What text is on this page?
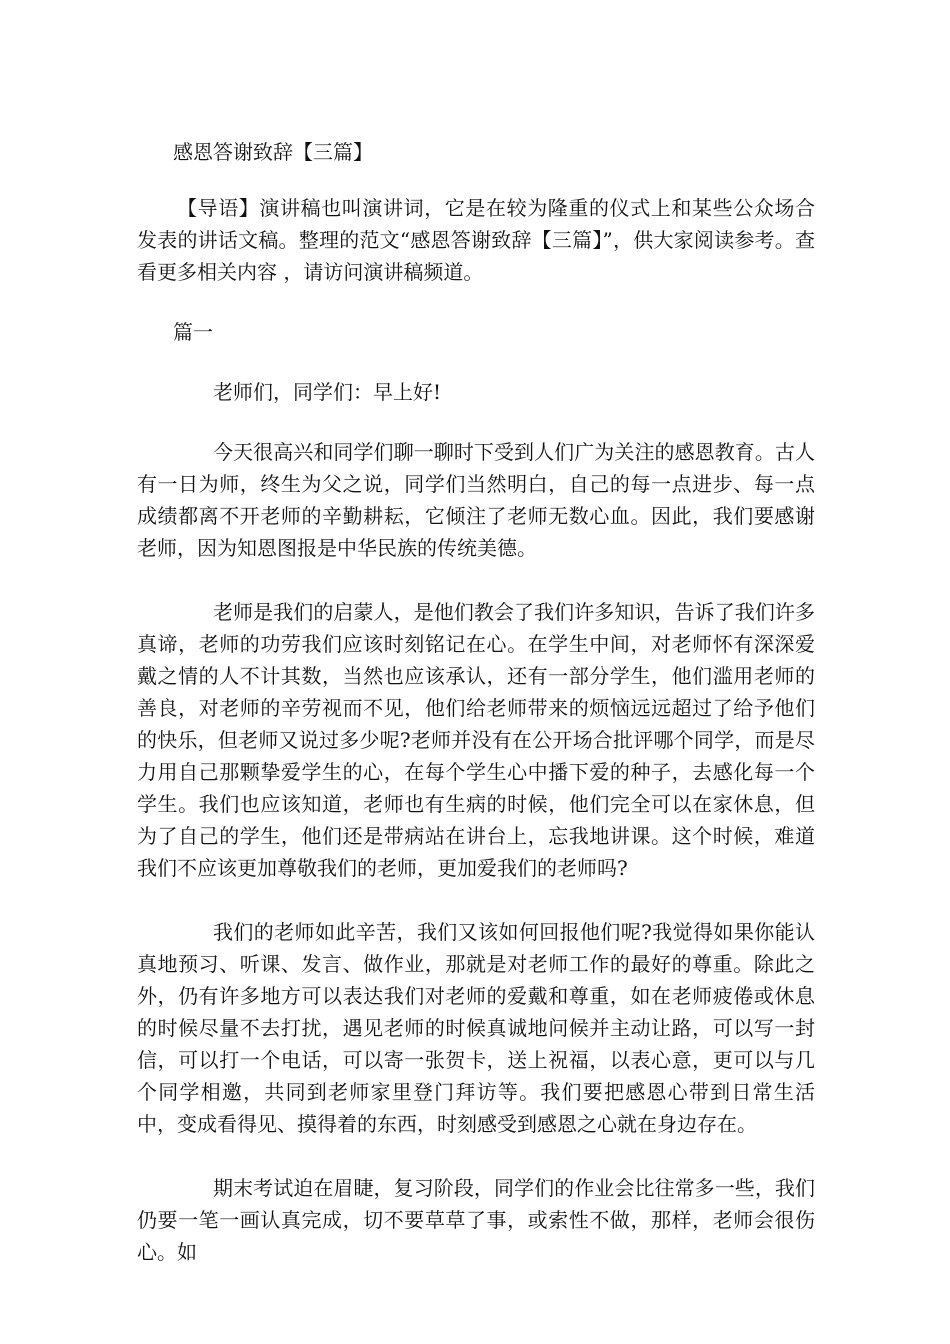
感恩答谢致辞【三篇】

【导语】演讲稿也叫演讲词，它是在较为隆重的仪式上和某些公众场合发表的讲话文稿。整理的范文“感恩答谢致辞【三篇】”，供大家阅读参考。查看更多相关内容 ，请访问演讲稿频道。

篇一
老师们，同学们：早上好!

今天很高兴和同学们聊一聊时下受到人们广为关注的感恩教育。古人有一日为师，终生为父之说，同学们当然明白，自己的每一点进步、每一点成绩都离不开老师的辛勤耕耘，它倾注了老师无数心血。因此，我们要感谢老师，因为知恩图报是中华民族的传统美德。

老师是我们的启蒙人，是他们教会了我们许多知识，告诉了我们许多真谛，老师的功劳我们应该时刻铭记在心。在学生中间，对老师怀有深深爱戴之情的人不计其数，当然也应该承认，还有一部分学生，他们滥用老师的善良，对老师的辛劳视而不见，他们给老师带来的烦恼远远超过了给予他们的快乐，但老师又说过多少呢?老师并没有在公开场合批评哪个同学，而是尽力用自己那颗挚爱学生的心，在每个学生心中播下爱的种子，去感化每一个学生。我们也应该知道，老师也有生病的时候，他们完全可以在家休息，但为了自己的学生，他们还是带病站在讲台上，忘我地讲课。这个时候，难道我们不应该更加尊敬我们的老师，更加爱我们的老师吗?

我们的老师如此辛苦，我们又该如何回报他们呢?我觉得如果你能认真地预习、听课、发言、做作业，那就是对老师工作的最好的尊重。除此之外，仍有许多地方可以表达我们对老师的爱戴和尊重，如在老师疲倦或休息的时候尽量不去打扰，遇见老师的时候真诚地问候并主动让路，可以写一封信，可以打一个电话，可以寄一张贺卡，送上祝福，以表心意，更可以与几个同学相邀，共同到老师家里登门拜访等。我们要把感恩心带到日常生活中，变成看得见、摸得着的东西，时刻感受到感恩之心就在身边存在。

期末考试迫在眉睫，复习阶段，同学们的作业会比往常多一些，我们仍要一笔一画认真完成，切不要草草了事，或索性不做，那样，老师会很伤心。如
